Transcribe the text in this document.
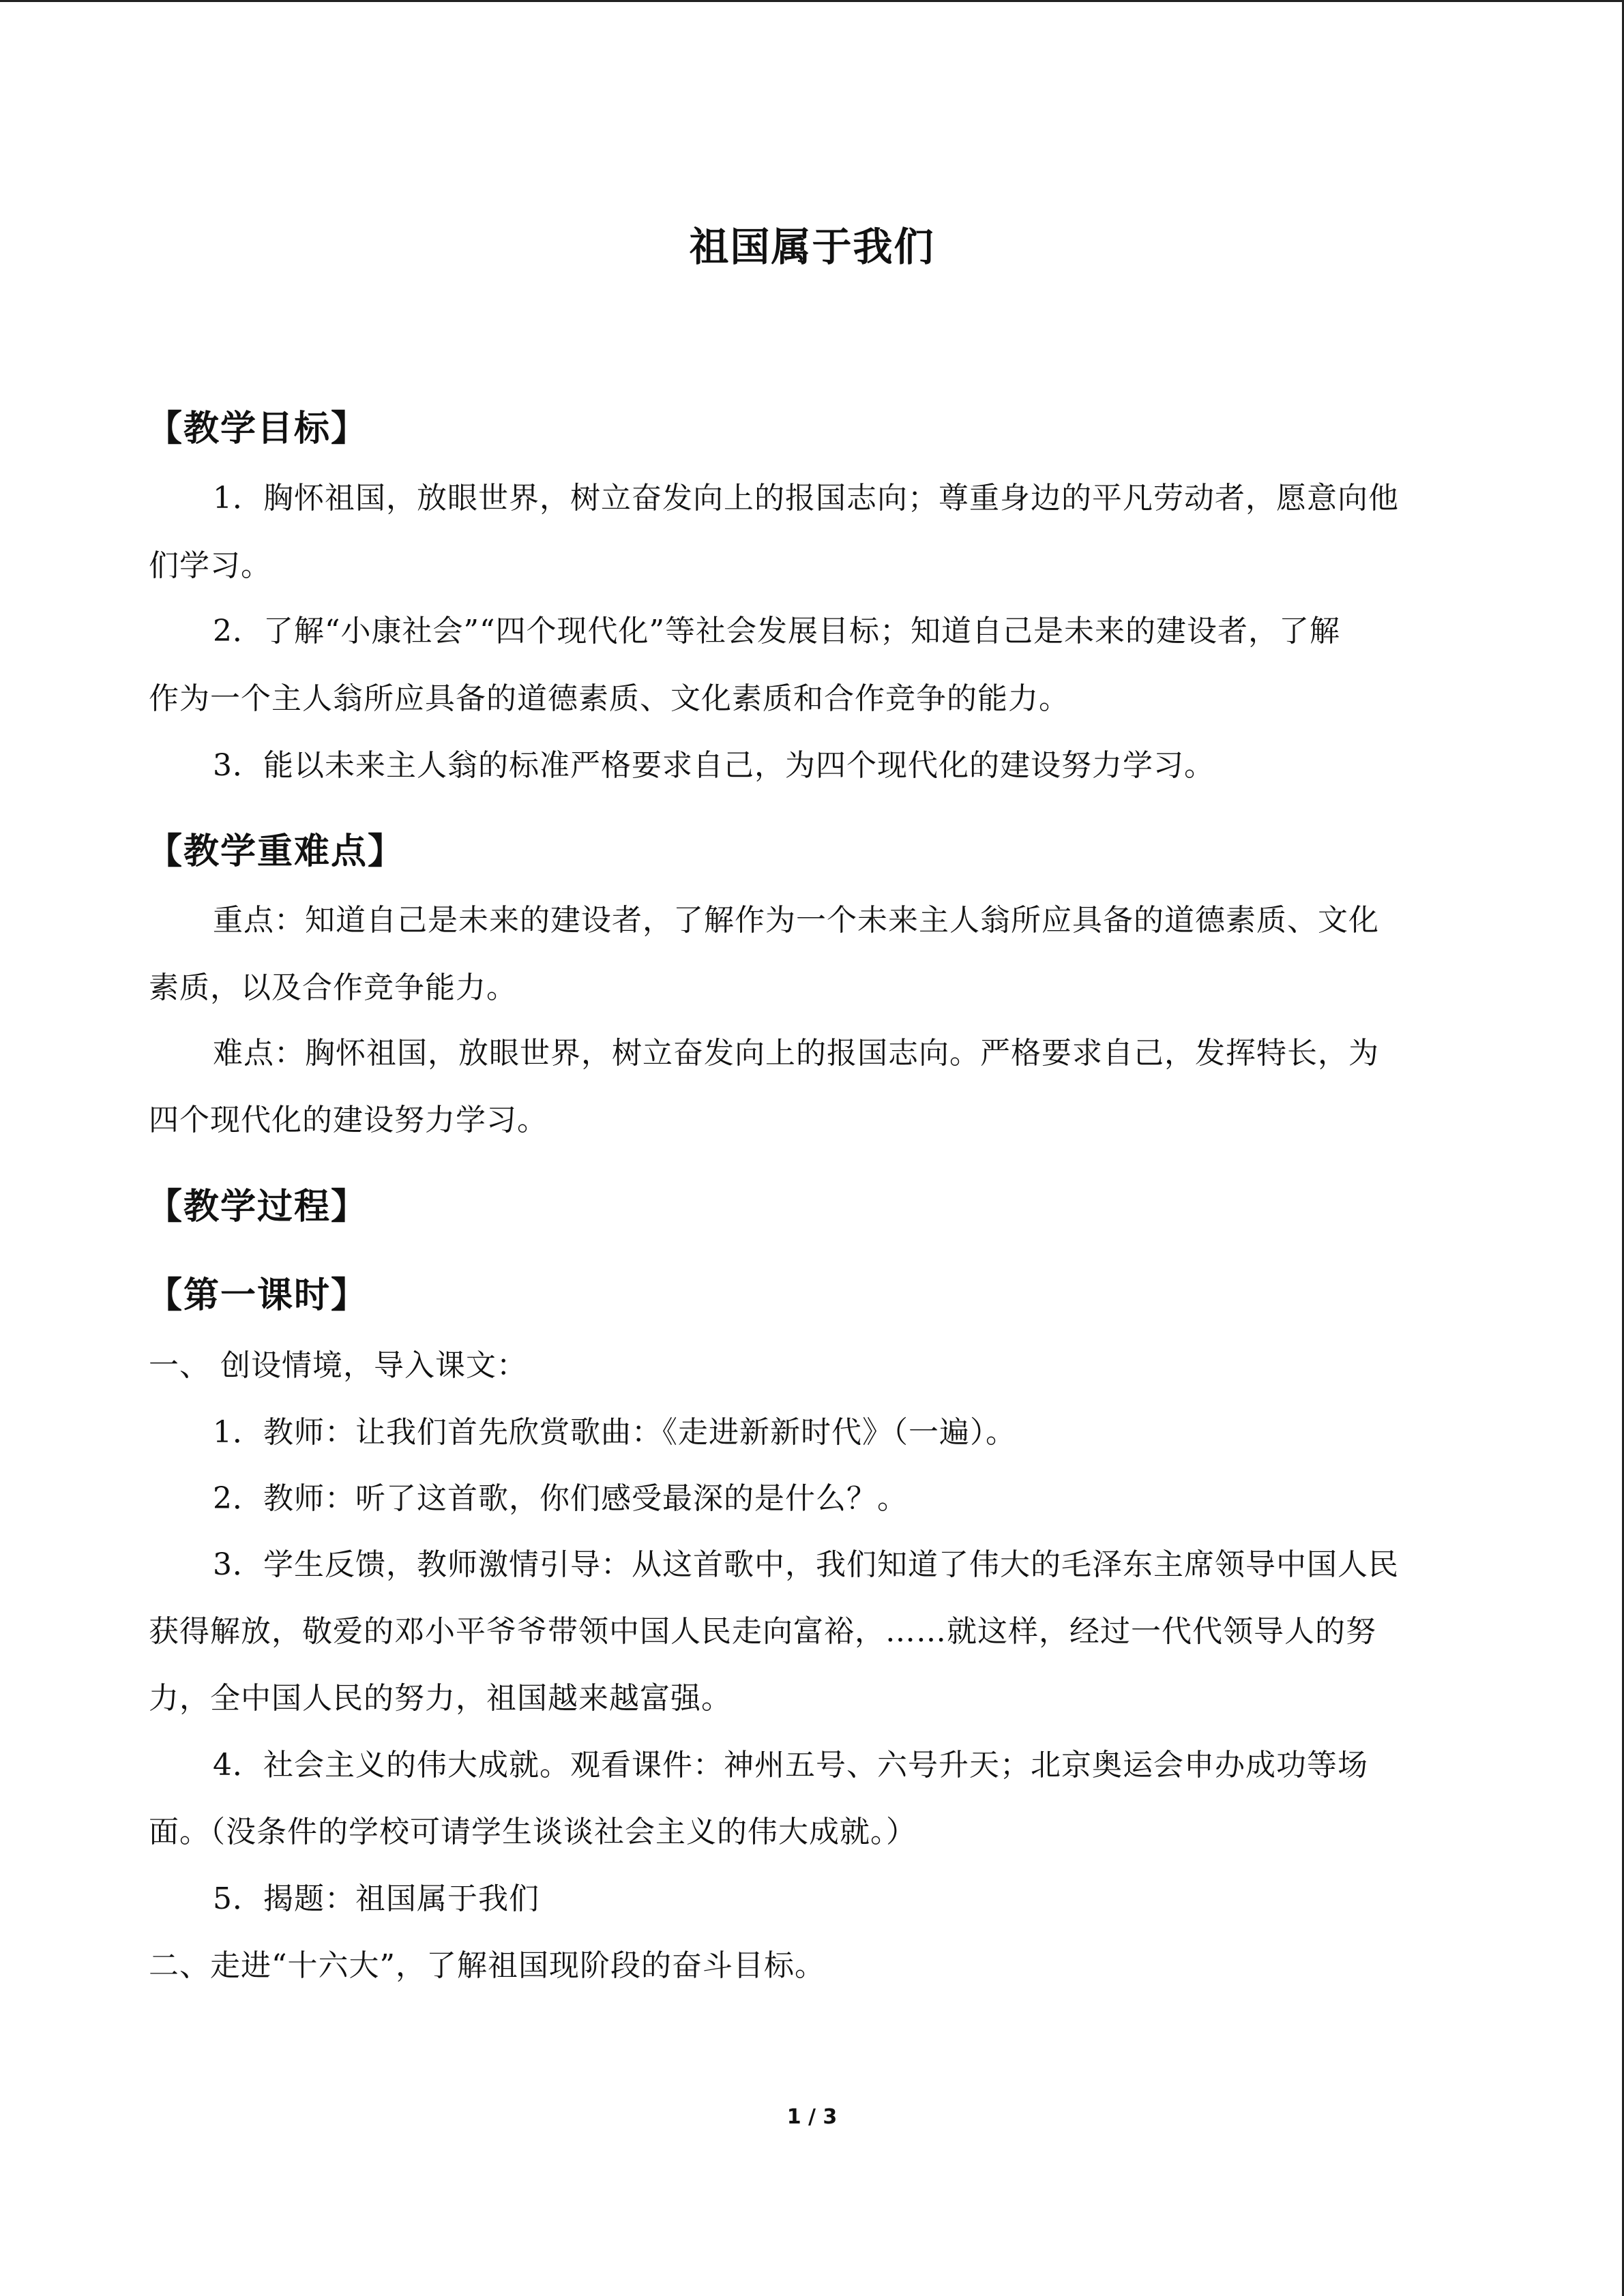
祖国属于我们
【教学目标】
1．胸怀祖国，放眼世界，树立奋发向上的报国志向；尊重身边的平凡劳动者，愿意向他
们学习。
2．了解“小康社会”“四个现代化”等社会发展目标；知道自己是未来的建设者，了解
作为一个主人翁所应具备的道德素质、文化素质和合作竞争的能力。
3．能以未来主人翁的标准严格要求自己，为四个现代化的建设努力学习。
【教学重难点】
重点：知道自己是未来的建设者，了解作为一个未来主人翁所应具备的道德素质、文化
素质，以及合作竞争能力。
难点：胸怀祖国，放眼世界，树立奋发向上的报国志向。严格要求自己，发挥特长，为
四个现代化的建设努力学习。
【教学过程】
【第一课时】
一、 创设情境，导入课文：
1．教师：让我们首先欣赏歌曲：《走进新新时代》（一遍）。
2．教师：听了这首歌，你们感受最深的是什么？。
3．学生反馈，教师激情引导：从这首歌中，我们知道了伟大的毛泽东主席领导中国人民
获得解放，敬爱的邓小平爷爷带领中国人民走向富裕，……就这样，经过一代代领导人的努
力，全中国人民的努力，祖国越来越富强。
4．社会主义的伟大成就。观看课件：神州五号、六号升天；北京奥运会申办成功等场
面。（没条件的学校可请学生谈谈社会主义的伟大成就。）
5．揭题：祖国属于我们
二、走进“十六大”，了解祖国现阶段的奋斗目标。
1 / 3
